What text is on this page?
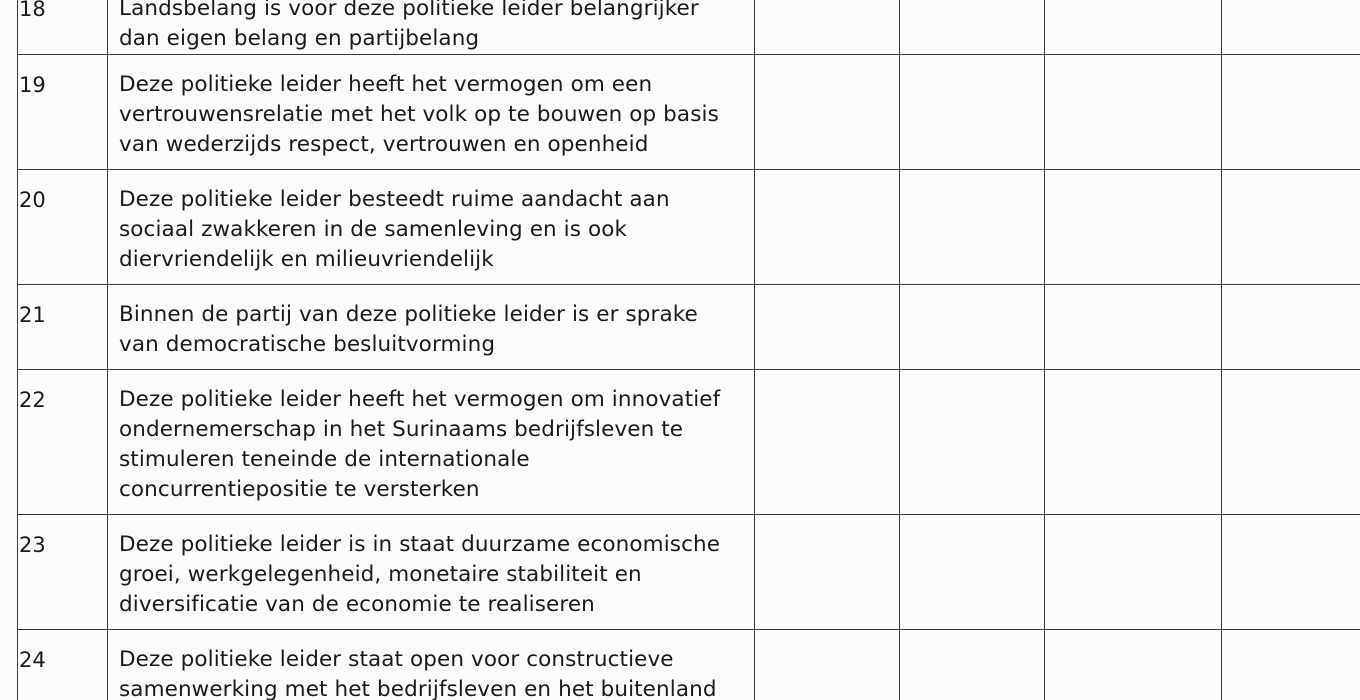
18	Landsbelang is voor deze politieke leider belangrijker
dan eigen belang en partijbelang				
19	Deze politieke leider heeft het vermogen om een
vertrouwensrelatie met het volk op te bouwen op basis
van wederzijds respect, vertrouwen en openheid				
20	Deze politieke leider besteedt ruime aandacht aan
sociaal zwakkeren in de samenleving en is ook
diervriendelijk en milieuvriendelijk				
21	Binnen de partij van deze politieke leider is er sprake
van democratische besluitvorming				
22	Deze politieke leider heeft het vermogen om innovatief
ondernemerschap in het Surinaams bedrijfsleven te
stimuleren teneinde de internationale
concurrentiepositie te versterken				
23	Deze politieke leider is in staat duurzame economische
groei, werkgelegenheid, monetaire stabiliteit en
diversificatie van de economie te realiseren				
24	Deze politieke leider staat open voor constructieve
samenwerking met het bedrijfsleven en het buitenland				
